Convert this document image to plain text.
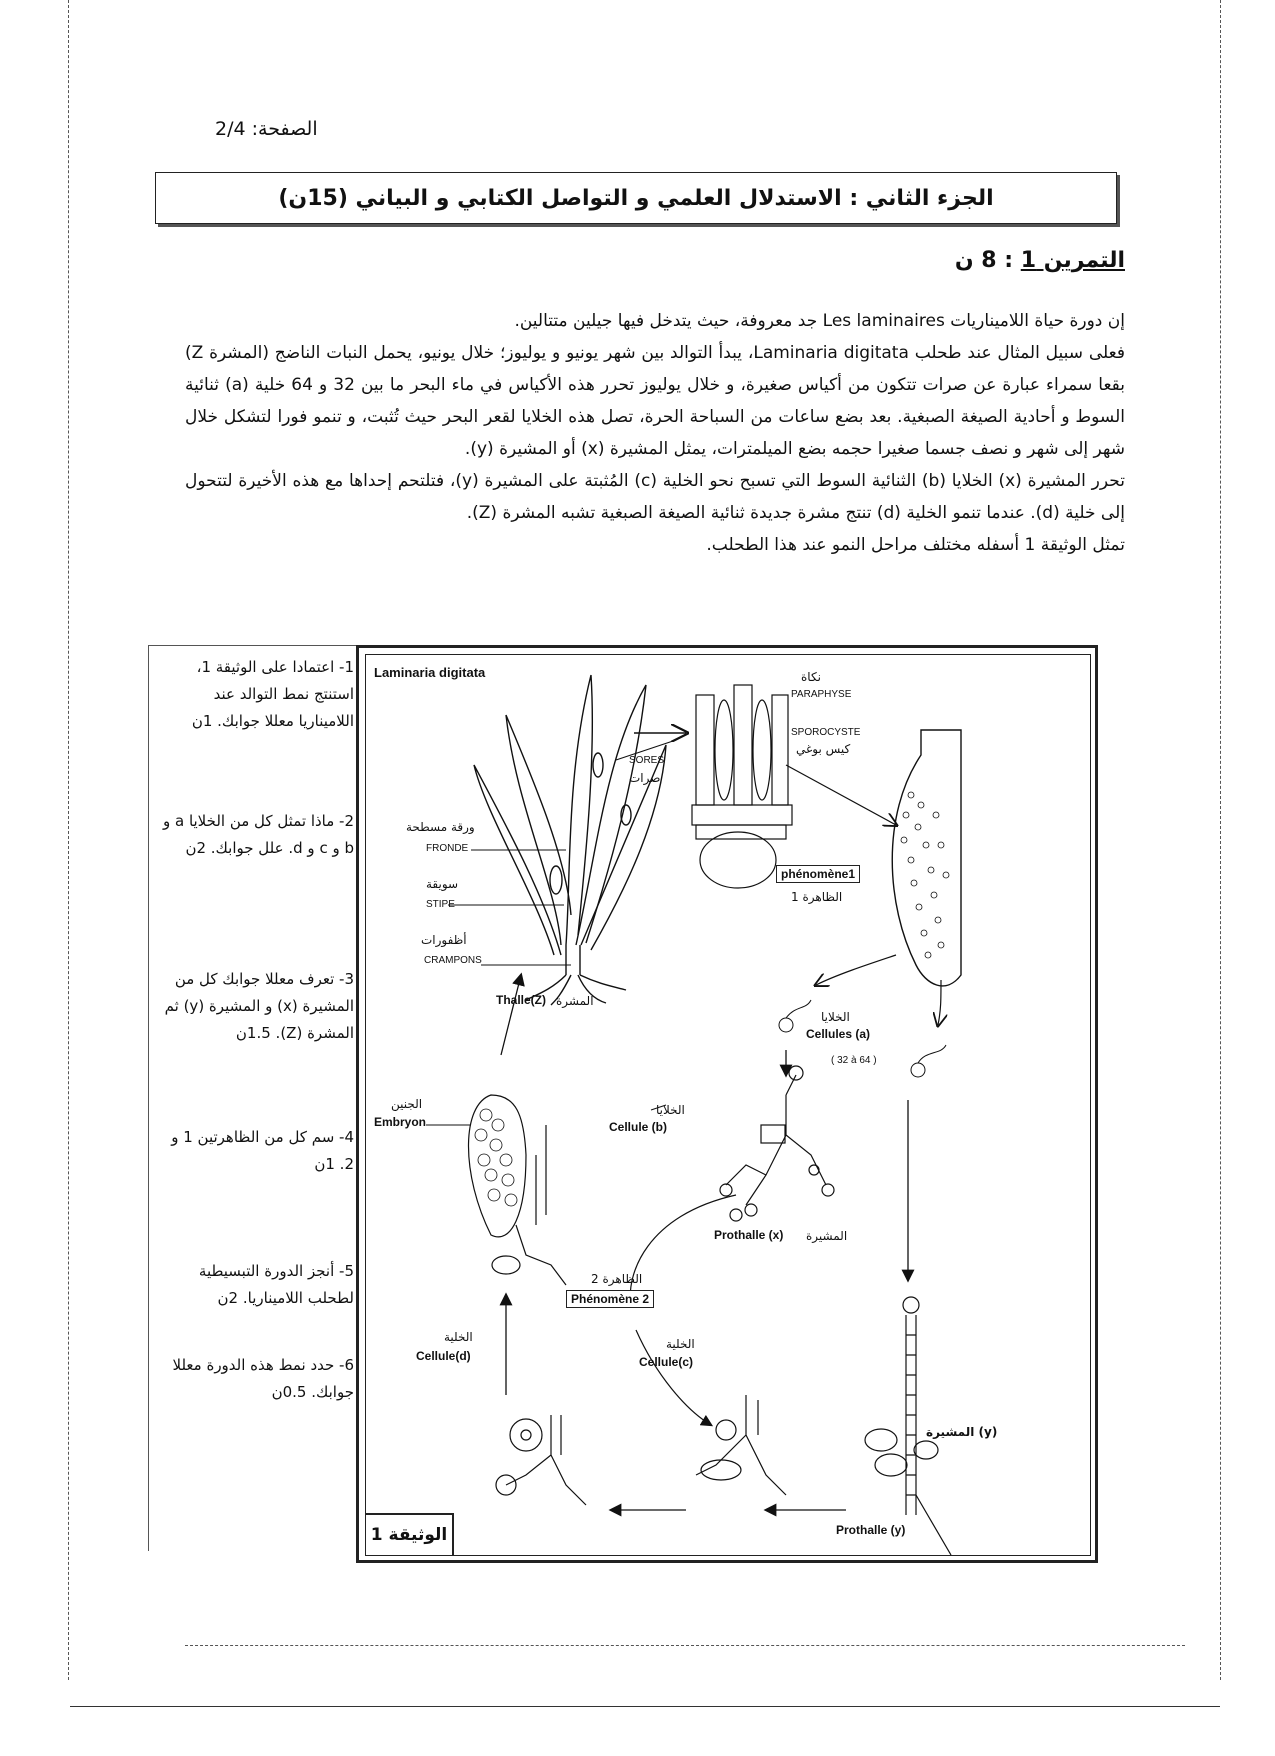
الصفحة: 2/4
الجزء الثاني : الاستدلال العلمي و التواصل الكتابي و البياني (15ن)
التمرين 1 : 8 ن

إن دورة حياة اللاميناريات Les laminaires جد معروفة، حيث يتدخل فيها جيلين متتالين.

فعلى سبيل المثال عند طحلب Laminaria digitata، يبدأ التوالد بين شهر يونيو و يوليوز؛ خلال يونيو، يحمل النبات الناضج (المشرة Z) بقعا سمراء عبارة عن صرات تتكون من أكياس صغيرة، و خلال يوليوز تحرر هذه الأكياس في ماء البحر ما بين 32 و 64 خلية (a) ثنائية السوط و أحادية الصيغة الصبغية. بعد بضع ساعات من السباحة الحرة، تصل هذه الخلايا لقعر البحر حيث تُثبت، و تنمو فورا لتشكل خلال شهر إلى شهر و نصف جسما صغيرا حجمه بضع الميلمترات، يمثل المشيرة (x) أو المشيرة (y).

تحرر المشيرة (x) الخلايا (b) الثنائية السوط التي تسبح نحو الخلية (c) المُثبتة على المشيرة (y)، فتلتحم إحداها مع هذه الأخيرة لتتحول إلى خلية (d). عندما تنمو الخلية (d) تنتج مشرة جديدة ثنائية الصيغة الصبغية تشبه المشرة (Z).

تمثل الوثيقة 1 أسفله مختلف مراحل النمو عند هذا الطحلب.

1- اعتمادا على الوثيقة 1، استنتج نمط التوالد عند اللاميناريا معللا جوابك. 1ن
2- ماذا تمثل كل من الخلايا a و b و c و d. علل جوابك. 2ن
3- تعرف معللا جوابك كل من المشيرة (x) و المشيرة (y) ثم المشرة (Z). 1.5ن
4- سم كل من الظاهرتين 1 و 2. 1ن
5- أنجز الدورة التبسيطية لطحلب اللاميناريا. 2ن
6- حدد نمط هذه الدورة معللا جوابك. 0.5ن
Laminaria digitata	نكاة
PARAPHYSE
SPOROCYSTE
كيس بوغي
SORES
صرات
ورقة مسطحة
FRONDE
سويقة
STIPE
أظفورات
CRAMPONS
Thalle(Z) المشرة
phénomène1
الظاهرة 1
الخلايا
Cellules (a)
( 32 à 64 )
الجنين
Embryon
الخلايا
Cellule (b)
Prothalle (x) المشيرة
الظاهرة 2
Phénomène 2
الخلية
Cellule(d)
الخلية
Cellule(c)
(y) المشيرة
Prothalle (y)
الوثيقة 1
